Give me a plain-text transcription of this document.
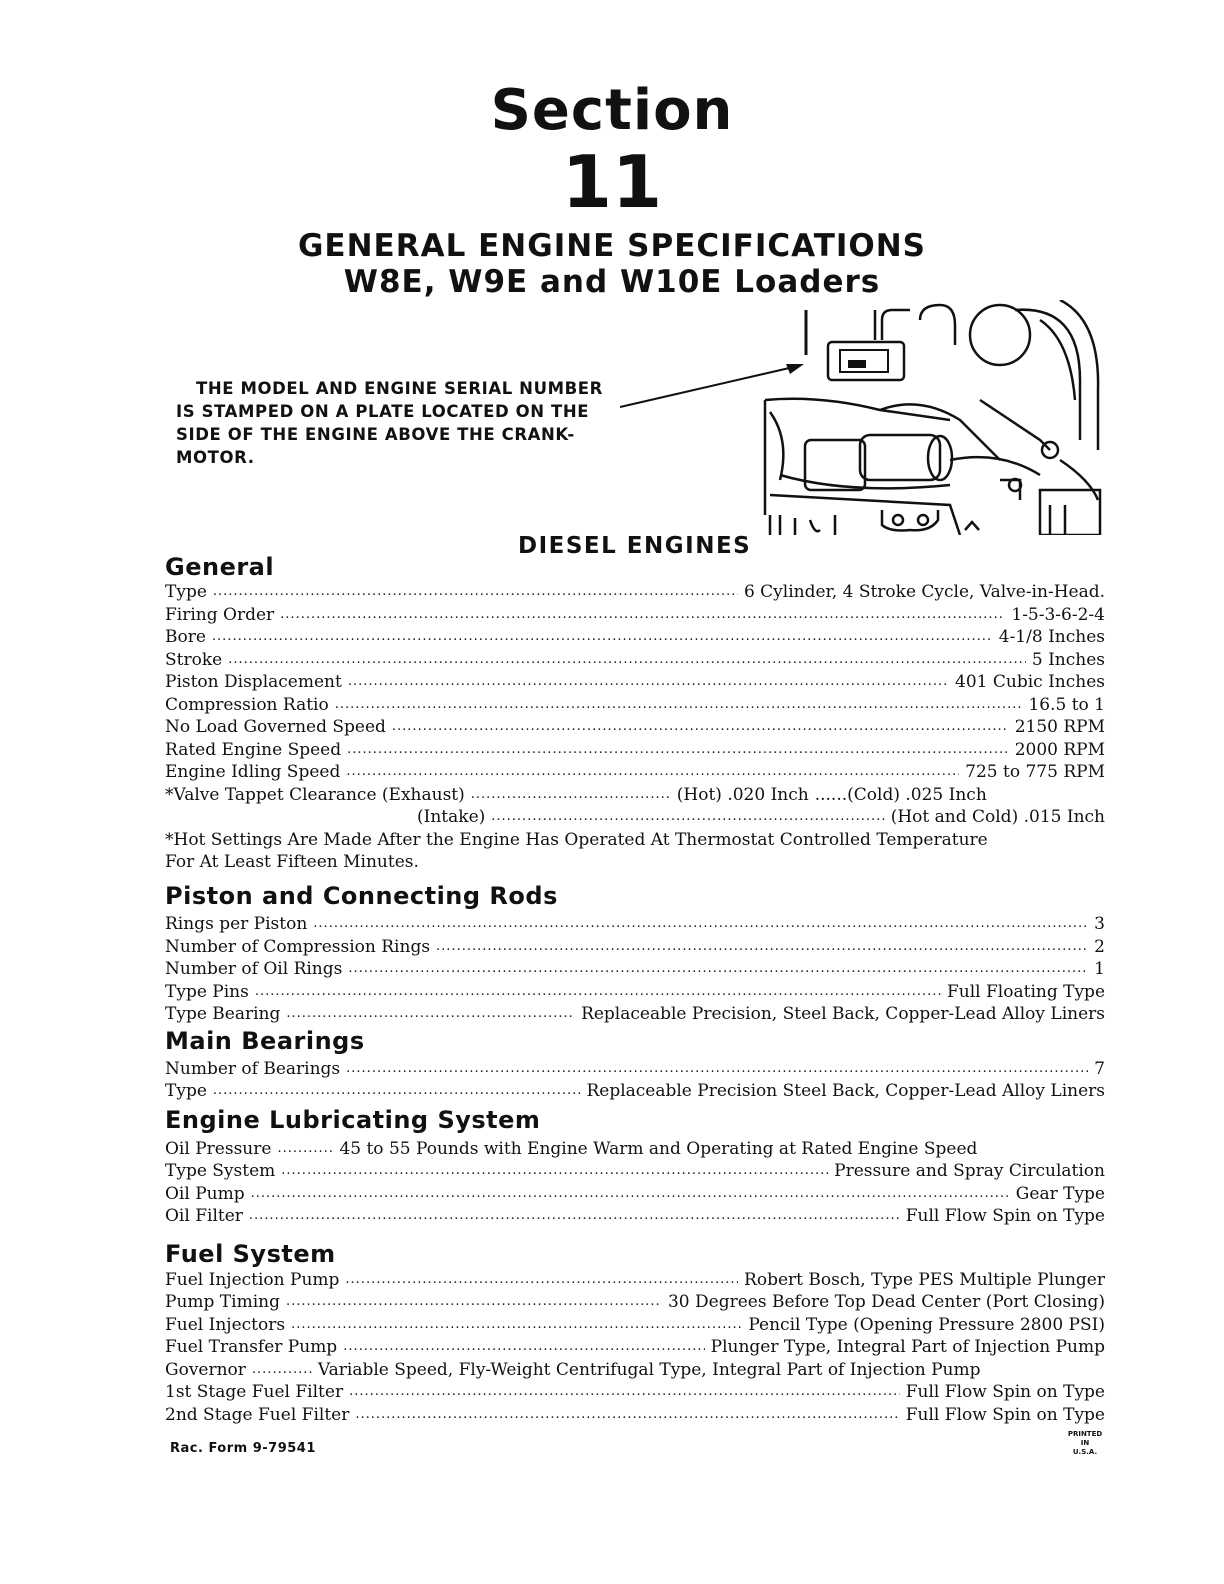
Section
11
GENERAL ENGINE SPECIFICATIONS
W8E, W9E and W10E Loaders
THE MODEL AND ENGINE SERIAL NUMBER
IS STAMPED ON A PLATE LOCATED ON THE
SIDE OF THE ENGINE ABOVE THE CRANK-
MOTOR.
DIESEL ENGINES
General
Type .....	6 Cylinder, 4 Stroke Cycle, Valve-in-Head.
Firing Order .....	1-5-3-6-2-4
Bore .....	4-1/8 Inches
Stroke .....	5 Inches
Piston Displacement .....	401 Cubic Inches
Compression Ratio .....	16.5 to 1
No Load Governed Speed .....	2150 RPM
Rated Engine Speed .....	2000 RPM
Engine Idling Speed .....	725 to 775 RPM
*Valve Tappet Clearance (Exhaust) .....	(Hot) .020 Inch ...... (Cold) .025 Inch
(Intake) .....	(Hot and Cold) .015 Inch
*Hot Settings Are Made After the Engine Has Operated At Thermostat Controlled Temperature
For At Least Fifteen Minutes.
Piston and Connecting Rods
Rings per Piston .....	3
Number of Compression Rings .....	2
Number of Oil Rings .....	1
Type Pins .....	Full Floating Type
Type Bearing .....	Replaceable Precision, Steel Back, Copper-Lead Alloy Liners
Main Bearings
Number of Bearings .....	7
Type .....	Replaceable Precision Steel Back, Copper-Lead Alloy Liners
Engine Lubricating System
Oil Pressure .....	45 to 55 Pounds with Engine Warm and Operating at Rated Engine Speed
Type System .....	Pressure and Spray Circulation
Oil Pump .....	Gear Type
Oil Filter .....	Full Flow Spin on Type
Fuel System
Fuel Injection Pump .....	Robert Bosch, Type PES Multiple Plunger
Pump Timing .....	30 Degrees Before Top Dead Center (Port Closing)
Fuel Injectors .....	Pencil Type (Opening Pressure 2800 PSI)
Fuel Transfer Pump .....	Plunger Type, Integral Part of Injection Pump
Governor .....	Variable Speed, Fly-Weight Centrifugal Type, Integral Part of Injection Pump
1st Stage Fuel Filter .....	Full Flow Spin on Type
2nd Stage Fuel Filter .....	Full Flow Spin on Type
Rac. Form 9-79541
PRINTED
IN
U.S.A.
